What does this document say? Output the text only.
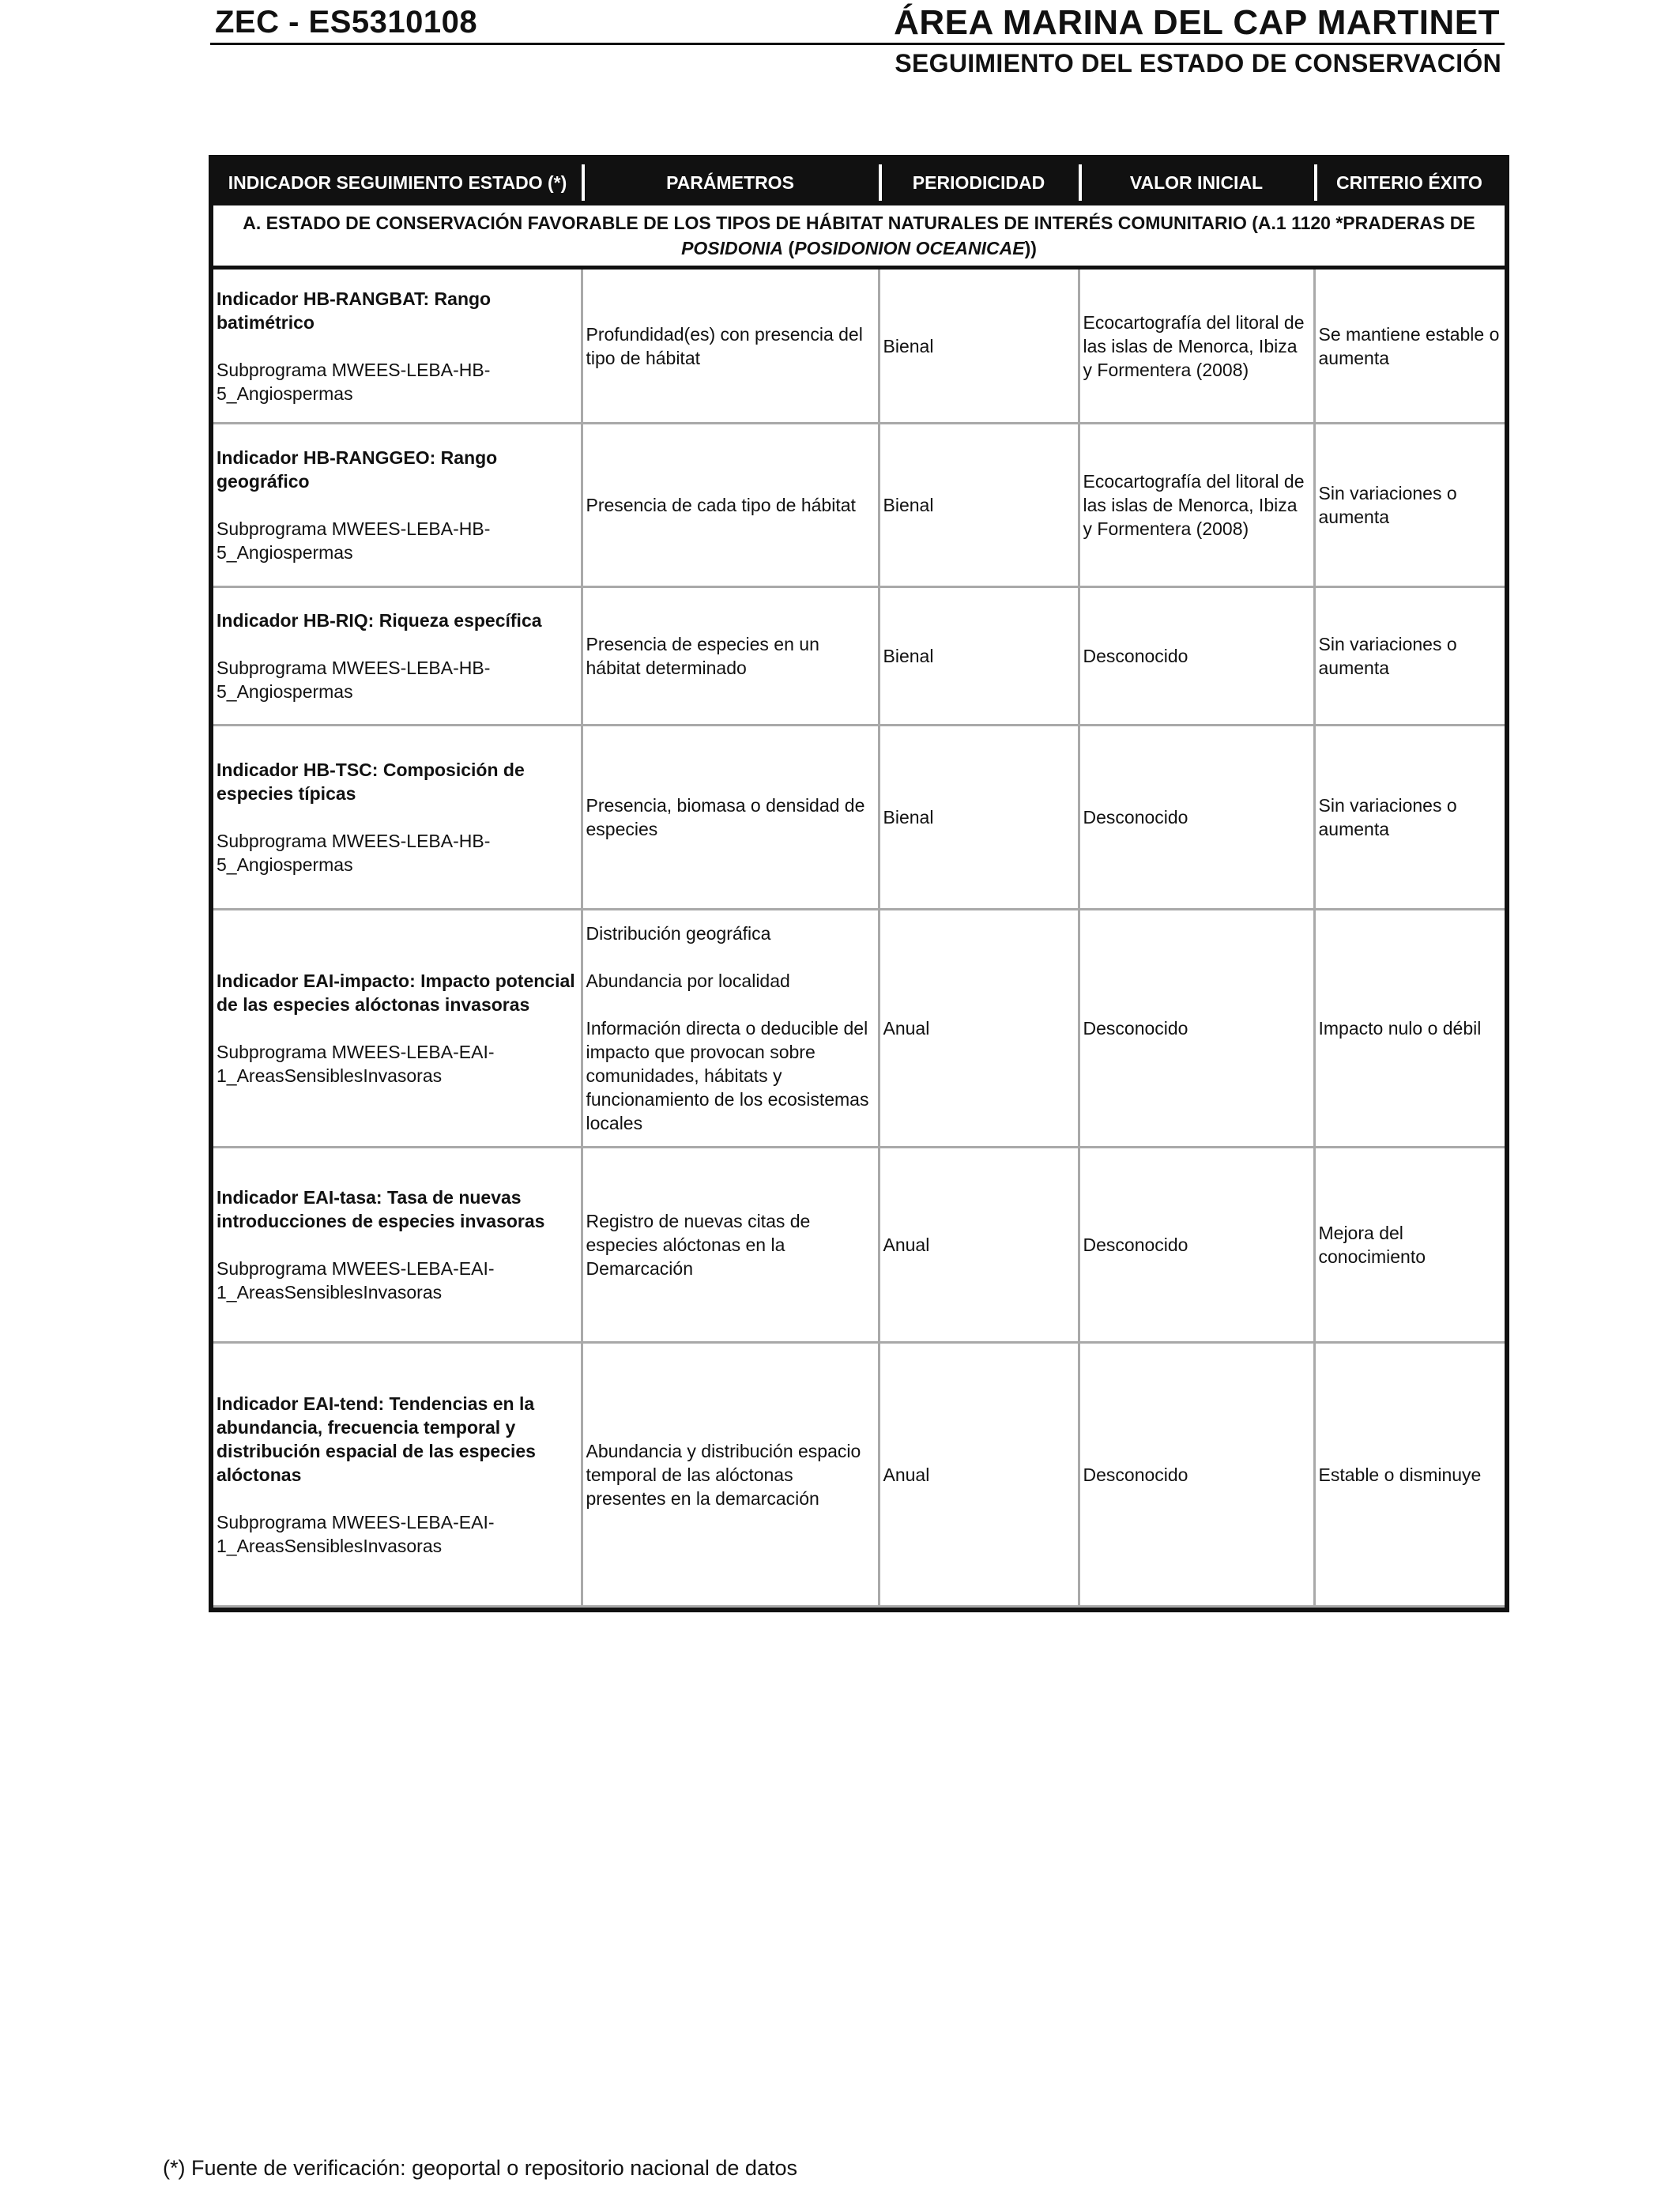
ZEC - ES5310108	ÁREA MARINA DEL CAP MARTINET
SEGUIMIENTO DEL ESTADO DE CONSERVACIÓN
INDICADOR SEGUIMIENTO ESTADO (*)	PARÁMETROS	PERIODICIDAD	VALOR INICIAL	CRITERIO ÉXITO
A. ESTADO DE CONSERVACIÓN FAVORABLE DE LOS TIPOS DE HÁBITAT NATURALES DE INTERÉS COMUNITARIO (A.1 1120 *PRADERAS DE
POSIDONIA (POSIDONION OCEANICAE))				

Indicador HB-RANGBAT: Rango batimétrico
Subprograma MWEES-LEBA-HB-5_Angiospermas	Profundidad(es) con presencia del tipo de hábitat	Bienal	Ecocartografía del litoral de las islas de Menorca, Ibiza y Formentera (2008)	Se mantiene estable o aumenta

Indicador HB-RANGGEO: Rango geográfico
Subprograma MWEES-LEBA-HB-5_Angiospermas	Presencia de cada tipo de hábitat	Bienal	Ecocartografía del litoral de las islas de Menorca, Ibiza y Formentera (2008)	Sin variaciones o aumenta

Indicador HB-RIQ: Riqueza específica
Subprograma MWEES-LEBA-HB-5_Angiospermas	Presencia de especies en un hábitat determinado	Bienal	Desconocido	Sin variaciones o aumenta

Indicador HB-TSC: Composición de especies típicas
Subprograma MWEES-LEBA-HB-5_Angiospermas	Presencia, biomasa o densidad de especies	Bienal	Desconocido	Sin variaciones o aumenta

Indicador EAI-impacto: Impacto potencial de las especies alóctonas invasoras
Subprograma MWEES-LEBA-EAI-1_AreasSensiblesInvasoras	Distribución geográfica
Abundancia por localidad
Información directa o deducible del impacto que provocan sobre comunidades, hábitats y funcionamiento de los ecosistemas locales	Anual	Desconocido	Impacto nulo o débil

Indicador EAI-tasa: Tasa de nuevas introducciones de especies invasoras
Subprograma MWEES-LEBA-EAI-1_AreasSensiblesInvasoras	Registro de nuevas citas de especies alóctonas en la Demarcación	Anual	Desconocido	Mejora del conocimiento

Indicador EAI-tend: Tendencias en la abundancia, frecuencia temporal y distribución espacial de las especies alóctonas
Subprograma MWEES-LEBA-EAI-1_AreasSensiblesInvasoras	Abundancia y distribución espacio temporal de las alóctonas presentes en la demarcación	Anual	Desconocido	Estable o disminuye
(*) Fuente de verificación: geoportal o repositorio nacional de datos
